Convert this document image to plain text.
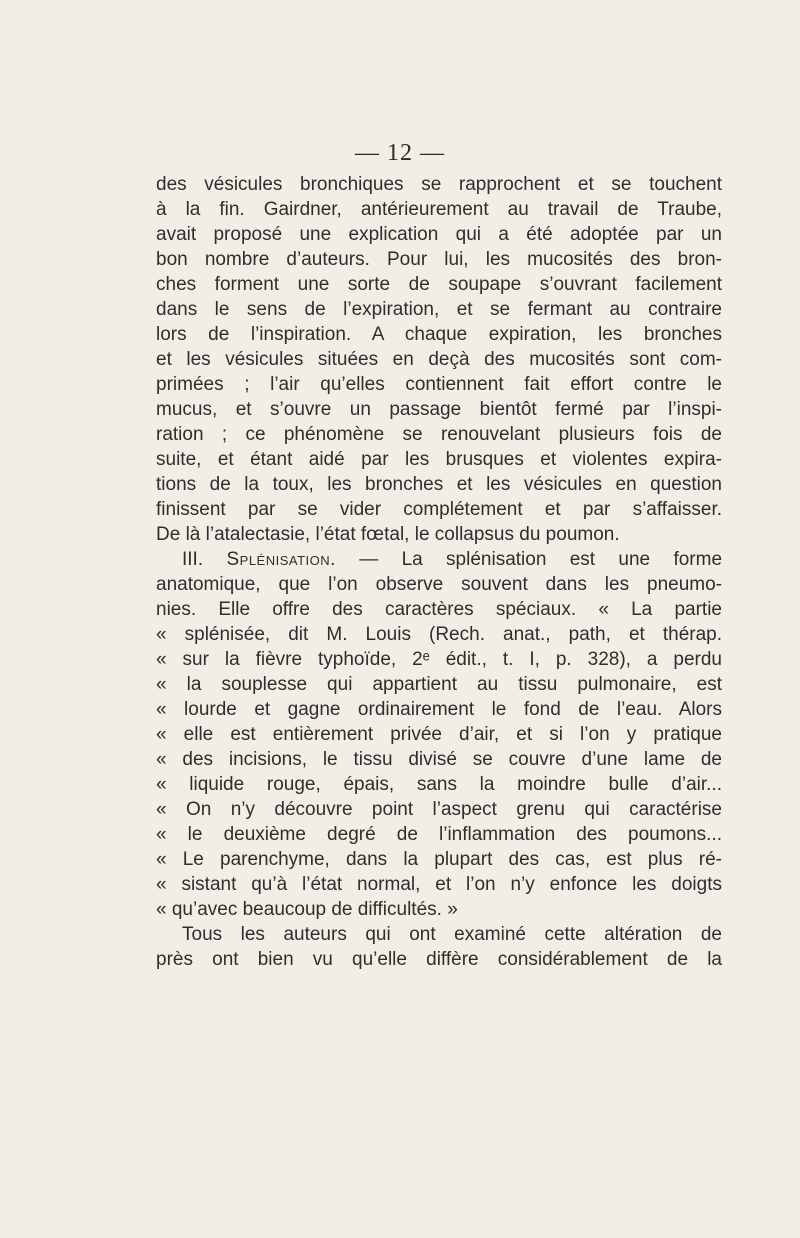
— 12 —
des vésicules bronchiques se rapprochent et se touchent
à la fin. Gairdner, antérieurement au travail de Traube,
avait proposé une explication qui a été adoptée par un
bon nombre d’auteurs. Pour lui, les mucosités des bron-
ches forment une sorte de soupape s’ouvrant facilement
dans le sens de l’expiration, et se fermant au contraire
lors de l’inspiration. A chaque expiration, les bronches
et les vésicules situées en deçà des mucosités sont com-
primées ; l’air qu’elles contiennent fait effort contre le
mucus, et s’ouvre un passage bientôt fermé par l’inspi-
ration ; ce phénomène se renouvelant plusieurs fois de
suite, et étant aidé par les brusques et violentes expira-
tions de la toux, les bronches et les vésicules en question
finissent par se vider complétement et par s’affaisser.
De là l’atalectasie, l’état fœtal, le collapsus du poumon.
III. Splénisation. — La splénisation est une forme
anatomique, que l’on observe souvent dans les pneumo-
nies. Elle offre des caractères spéciaux. « La partie
« splénisée, dit M. Louis (Rech. anat., path, et thérap.
« sur la fièvre typhoïde, 2ᵉ édit., t. I, p. 328), a perdu
« la souplesse qui appartient au tissu pulmonaire, est
« lourde et gagne ordinairement le fond de l’eau. Alors
« elle est entièrement privée d’air, et si l’on y pratique
« des incisions, le tissu divisé se couvre d’une lame de
« liquide rouge, épais, sans la moindre bulle d’air...
« On n’y découvre point l’aspect grenu qui caractérise
« le deuxième degré de l’inflammation des poumons...
« Le parenchyme, dans la plupart des cas, est plus ré-
« sistant qu’à l’état normal, et l’on n’y enfonce les doigts
« qu’avec beaucoup de difficultés. »
Tous les auteurs qui ont examiné cette altération de
près ont bien vu qu’elle diffère considérablement de la
